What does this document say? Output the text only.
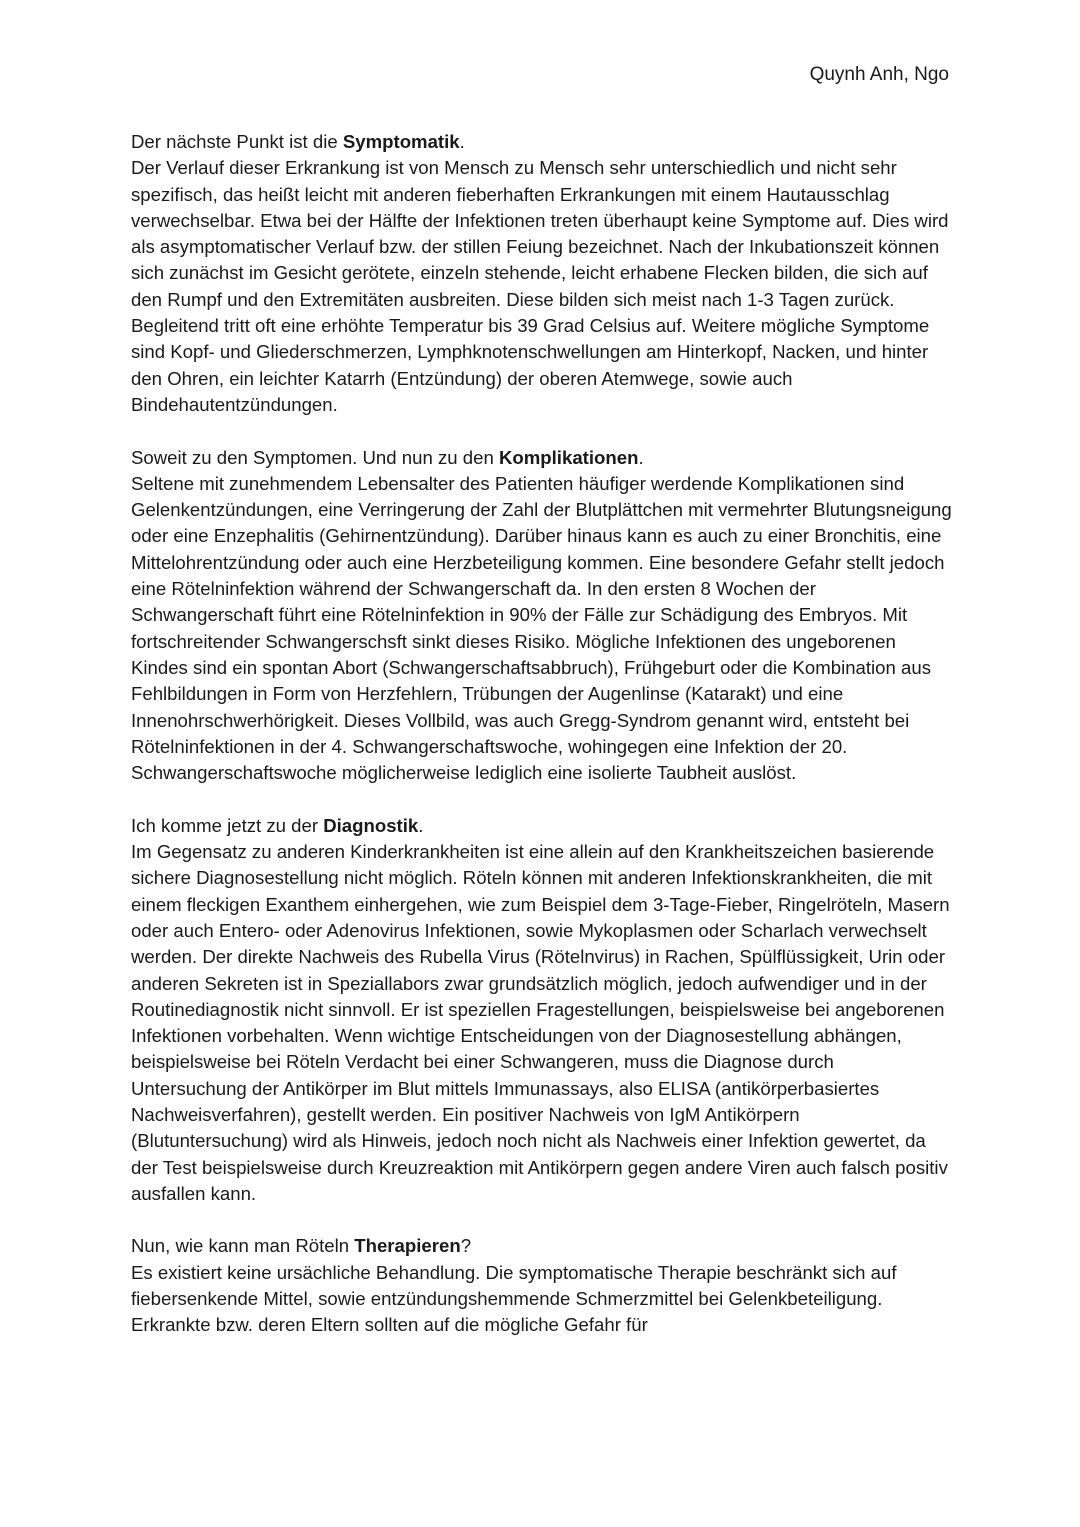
Quynh Anh, Ngo

Der nächste Punkt ist die Symptomatik.

Der Verlauf dieser Erkrankung ist von Mensch zu Mensch sehr unterschiedlich und nicht sehr spezifisch, das heißt leicht mit anderen fieberhaften Erkrankungen mit einem Hautausschlag verwechselbar. Etwa bei der Hälfte der Infektionen treten überhaupt keine Symptome auf. Dies wird als asymptomatischer Verlauf bzw. der stillen Feiung bezeichnet. Nach der Inkubationszeit können sich zunächst im Gesicht gerötete, einzeln stehende, leicht erhabene Flecken bilden, die sich auf den Rumpf und den Extremitäten ausbreiten. Diese bilden sich meist nach 1-3 Tagen zurück. Begleitend tritt oft eine erhöhte Temperatur bis 39 Grad Celsius auf. Weitere mögliche Symptome sind Kopf- und Gliederschmerzen, Lymphknotenschwellungen am Hinterkopf, Nacken, und hinter den Ohren, ein leichter Katarrh (Entzündung) der oberen Atemwege, sowie auch Bindehautentzündungen.

Soweit zu den Symptomen. Und nun zu den Komplikationen.

Seltene mit zunehmendem Lebensalter des Patienten häufiger werdende Komplikationen sind Gelenkentzündungen, eine Verringerung der Zahl der Blutplättchen mit vermehrter Blutungsneigung oder eine Enzephalitis (Gehirnentzündung). Darüber hinaus kann es auch zu einer Bronchitis, eine Mittelohrentzündung oder auch eine Herzbeteiligung kommen. Eine besondere Gefahr stellt jedoch eine Rötelninfektion während der Schwangerschaft da. In den ersten 8 Wochen der Schwangerschaft führt eine Rötelninfektion in 90% der Fälle zur Schädigung des Embryos. Mit fortschreitender Schwangerschsft sinkt dieses Risiko. Mögliche Infektionen des ungeborenen Kindes sind ein spontan Abort (Schwangerschaftsabbruch), Frühgeburt oder die Kombination aus Fehlbildungen in Form von Herzfehlern, Trübungen der Augenlinse (Katarakt) und eine Innenohrschwerhörigkeit. Dieses Vollbild, was auch Gregg-Syndrom genannt wird, entsteht bei Rötelninfektionen in der 4. Schwangerschaftswoche, wohingegen eine Infektion der 20. Schwangerschaftswoche möglicherweise lediglich eine isolierte Taubheit auslöst.

Ich komme jetzt zu der Diagnostik.

Im Gegensatz zu anderen Kinderkrankheiten ist eine allein auf den Krankheitszeichen basierende sichere Diagnosestellung nicht möglich. Röteln können mit anderen Infektionskrankheiten, die mit einem fleckigen Exanthem einhergehen, wie zum Beispiel dem 3-Tage-Fieber, Ringelröteln, Masern oder auch Entero- oder Adenovirus Infektionen, sowie Mykoplasmen oder Scharlach verwechselt werden. Der direkte Nachweis des Rubella Virus (Rötelnvirus) in Rachen, Spülflüssigkeit, Urin oder anderen Sekreten ist in Speziallabors zwar grundsätzlich möglich, jedoch aufwendiger und in der Routinediagnostik nicht sinnvoll. Er ist speziellen Fragestellungen, beispielsweise bei angeborenen Infektionen vorbehalten. Wenn wichtige Entscheidungen von der Diagnosestellung abhängen, beispielsweise bei Röteln Verdacht bei einer Schwangeren, muss die Diagnose durch Untersuchung der Antikörper im Blut mittels Immunassays, also ELISA (antikörperbasiertes Nachweisverfahren), gestellt werden. Ein positiver Nachweis von IgM Antikörpern (Blutuntersuchung) wird als Hinweis, jedoch noch nicht als Nachweis einer Infektion gewertet, da der Test beispielsweise durch Kreuzreaktion mit Antikörpern gegen andere Viren auch falsch positiv ausfallen kann.

Nun, wie kann man Röteln Therapieren?

Es existiert keine ursächliche Behandlung. Die symptomatische Therapie beschränkt sich auf fiebersenkende Mittel, sowie entzündungshemmende Schmerzmittel bei Gelenkbeteiligung. Erkrankte bzw. deren Eltern sollten auf die mögliche Gefahr für
